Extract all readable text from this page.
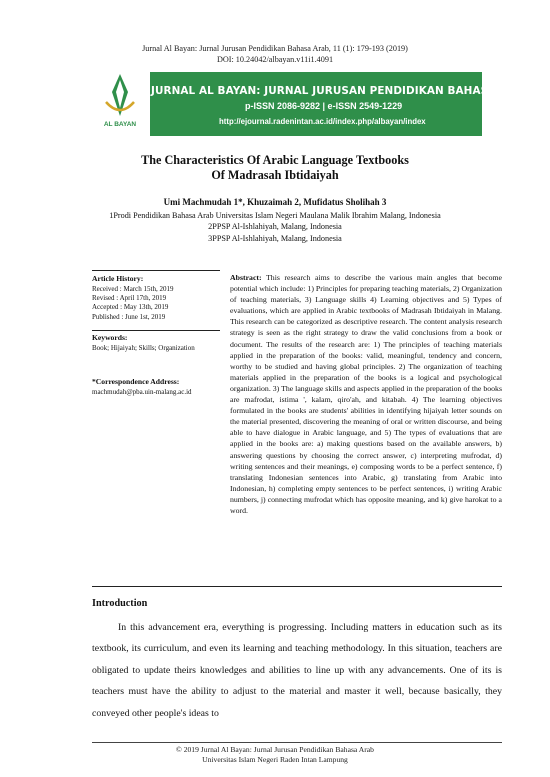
Jurnal Al Bayan: Jurnal Jurusan Pendidikan Bahasa Arab, 11 (1): 179-193 (2019)
DOI: 10.24042/albayan.v11i1.4091
AL BAYAN
JURNAL AL BAYAN: JURNAL JURUSAN PENDIDIKAN BAHASA ARAB
p-ISSN 2086-9282 | e-ISSN 2549-1229
http://ejournal.radenintan.ac.id/index.php/albayan/index
The Characteristics Of Arabic Language Textbooks
Of Madrasah Ibtidaiyah
Umi Machmudah 1*, Khuzaimah 2, Mufidatus Sholihah 3
1Prodi Pendidikan Bahasa Arab Universitas Islam Negeri Maulana Malik Ibrahim Malang, Indonesia
2PPSP Al-Ishlahiyah, Malang, Indonesia
3PPSP Al-Ishlahiyah, Malang, Indonesia
Article History:
Received : March 15th, 2019
Revised : April 17th, 2019
Accepted : May 13th, 2019
Published : June 1st, 2019
Keywords:
Book; Hijaiyah; Skills; Organization
*Correspondence Address:
machmudah@pba.uin-malang.ac.id
Abstract: This research aims to describe the various main angles that become potential which include: 1) Principles for preparing teaching materials, 2) Organization of teaching materials, 3) Language skills 4) Learning objectives and 5) Types of evaluations, which are applied in Arabic textbooks of Madrasah Ibtidaiyah in Malang. This research can be categorized as descriptive research. The content analysis research strategy is seen as the right strategy to draw the valid conclusions from a book or document. The results of the research are: 1) The principles of teaching materials applied in the preparation of the books: valid, meaningful, tendency and concern, worthy to be studied and having global principles. 2) The organization of teaching materials applied in the preparation of the books is a logical and psychological organization. 3) The language skills and aspects applied in the preparation of the books are mafrodat, istima ', kalam, qiro'ah, and kitabah. 4) The learning objectives formulated in the books are students' abilities in identifying hijaiyah letter sounds on the material presented, discovering the meaning of oral or written discourse, and being able to have dialogue in Arabic language, and 5) The types of evaluations that are applied in the books are: a) making questions based on the available answers, b) answering questions by choosing the correct answer, c) interpreting mufrodat, d) writing sentences and their meanings, e) composing words to be a perfect sentence, f) translating Indonesian sentences into Arabic, g) translating from Arabic into Indonesian, h) completing empty sentences to be perfect sentences, i) writing Arabic numbers, j) connecting mufrodat which has opposite meaning, and k) give harokat to a word.
Introduction
In this advancement era, everything is progressing. Including matters in education such as its textbook, its curriculum, and even its learning and teaching methodology. In this situation, teachers are obligated to update theirs knowledges and abilities to line up with any advancements. One of its is teachers must have the ability to adjust to the material and master it well, because basically, they conveyed other people's ideas to
© 2019 Jurnal Al Bayan: Jurnal Jurusan Pendidikan Bahasa Arab
Universitas Islam Negeri Raden Intan Lampung
